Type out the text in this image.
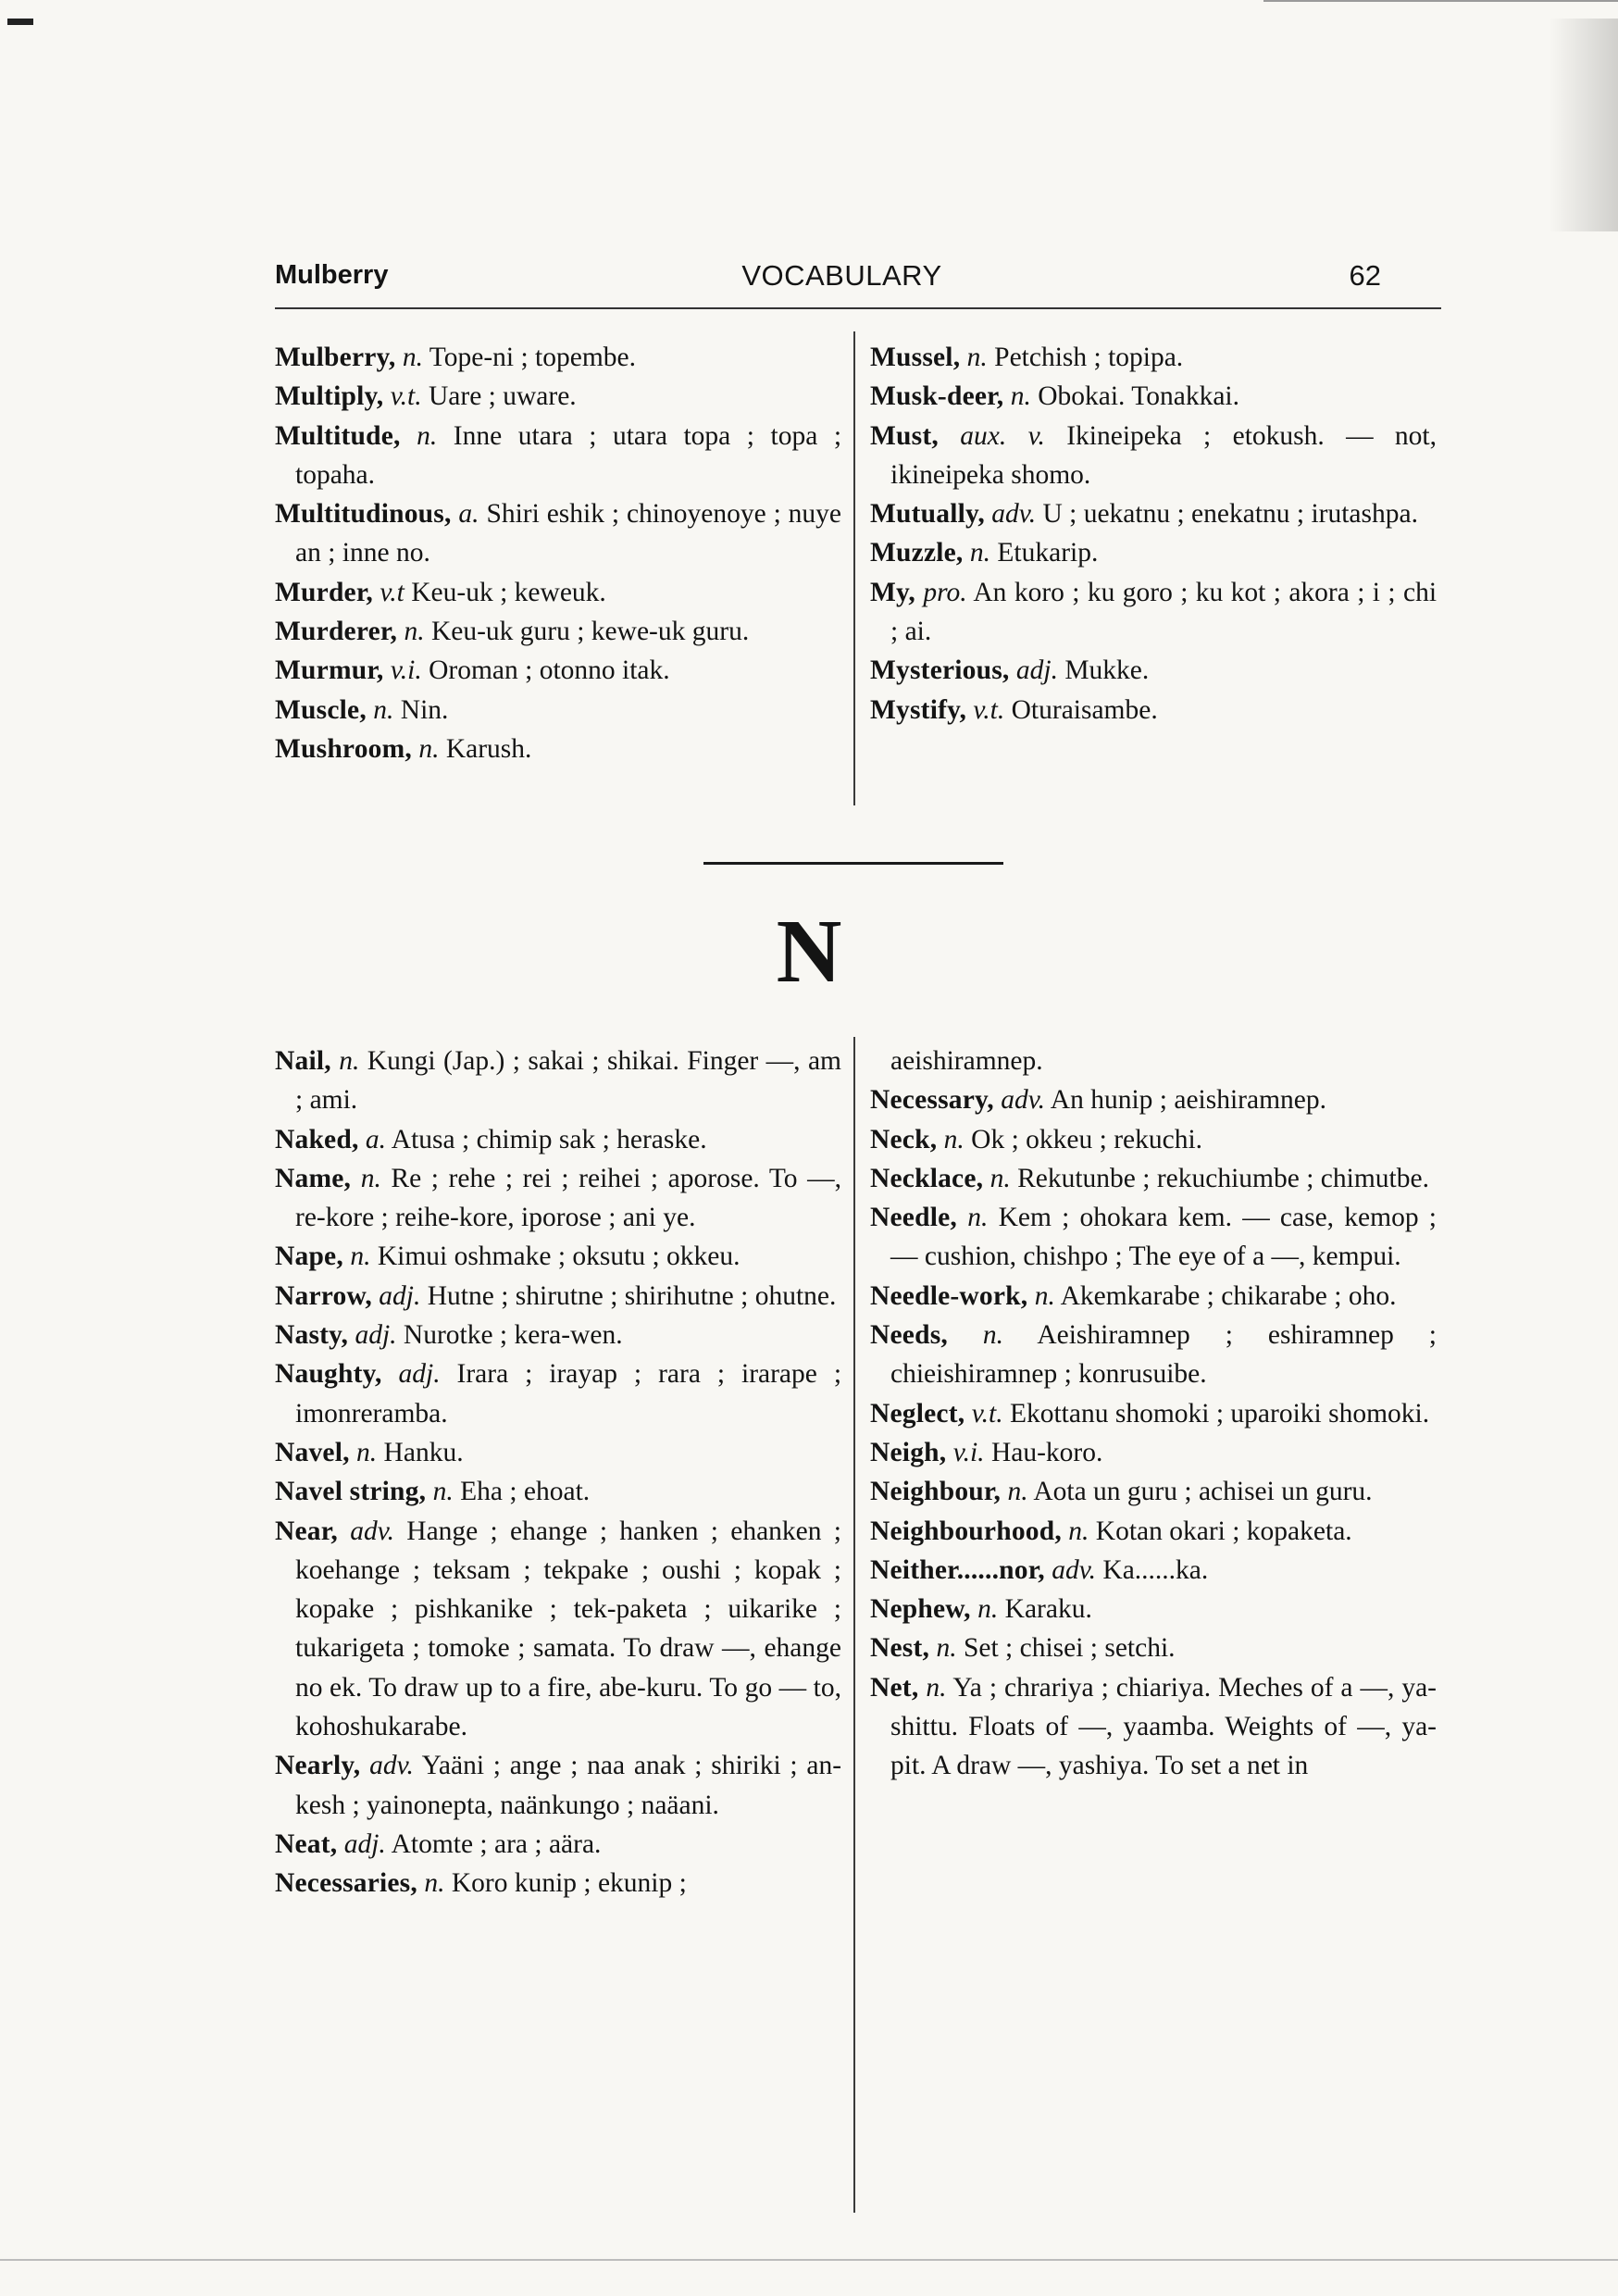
Mulberry	VOCABULARY	62
Mulberry, n. Tope-ni ; topembe.
Multiply, v.t. Uare ; uware.
Multitude, n. Inne utara ; utara topa ; topa ; topaha.
Multitudinous, a. Shiri eshik ; chinoyenoye ; nuye an ; inne no.
Murder, v.t Keu-uk ; keweuk.
Murderer, n. Keu-uk guru ; kewe-uk guru.
Murmur, v.i. Oroman ; otonno itak.
Muscle, n. Nin.
Mushroom, n. Karush.
Mussel, n. Petchish ; topipa.
Musk-deer, n. Obokai. Tonakkai.
Must, aux. v. Ikineipeka ; etokush. — not, ikineipeka shomo.
Mutually, adv. U ; uekatnu ; enekatnu ; irutashpa.
Muzzle, n. Etukarip.
My, pro. An koro ; ku goro ; ku kot ; akora ; i ; chi ; ai.
Mysterious, adj. Mukke.
Mystify, v.t. Oturaisambe.
N
Nail, n. Kungi (Jap.) ; sakai ; shikai. Finger —, am ; ami.
Naked, a. Atusa ; chimip sak ; heraske.
Name, n. Re ; rehe ; rei ; reihei ; aporose. To —, re-kore ; reihe-kore, iporose ; ani ye.
Nape, n. Kimui oshmake ; oksutu ; okkeu.
Narrow, adj. Hutne ; shirutne ; shirihutne ; ohutne.
Nasty, adj. Nurotke ; kera-wen.
Naughty, adj. Irara ; irayap ; rara ; irarape ; imonreramba.
Navel, n. Hanku.
Navel string, n. Eha ; ehoat.
Near, adv. Hange ; ehange ; hanken ; ehanken ; koehange ; teksam ; tekpake ; oushi ; kopak ; kopake ; pishkanike ; tek-paketa ; uikarike ; tukarigeta ; tomoke ; samata. To draw —, ehange no ek. To draw up to a fire, abe-kuru. To go — to, kohoshukarabe.
Nearly, adv. Yaäni ; ange ; naa anak ; shiriki ; an-kesh ; yainonepta, naänkungo ; naäani.
Neat, adj. Atomte ; ara ; aära.
Necessaries, n. Koro kunip ; ekunip ;
aeishiramnep.
Necessary, adv. An hunip ; aeishiramnep.
Neck, n. Ok ; okkeu ; rekuchi.
Necklace, n. Rekutunbe ; rekuchiumbe ; chimutbe.
Needle, n. Kem ; ohokara kem. — case, kemop ; — cushion, chishpo ; The eye of a —, kempui.
Needle-work, n. Akemkarabe ; chikarabe ; oho.
Needs, n. Aeishiramnep ; eshiramnep ; chieishiramnep ; konrusuibe.
Neglect, v.t. Ekottanu shomoki ; uparoiki shomoki.
Neigh, v.i. Hau-koro.
Neighbour, n. Aota un guru ; achisei un guru.
Neighbourhood, n. Kotan okari ; kopaketa.
Neither......nor, adv. Ka......ka.
Nephew, n. Karaku.
Nest, n. Set ; chisei ; setchi.
Net, n. Ya ; chrariya ; chiariya. Meches of a —, ya-shittu. Floats of —, yaamba. Weights of —, ya-pit. A draw —, yashiya. To set a net in
